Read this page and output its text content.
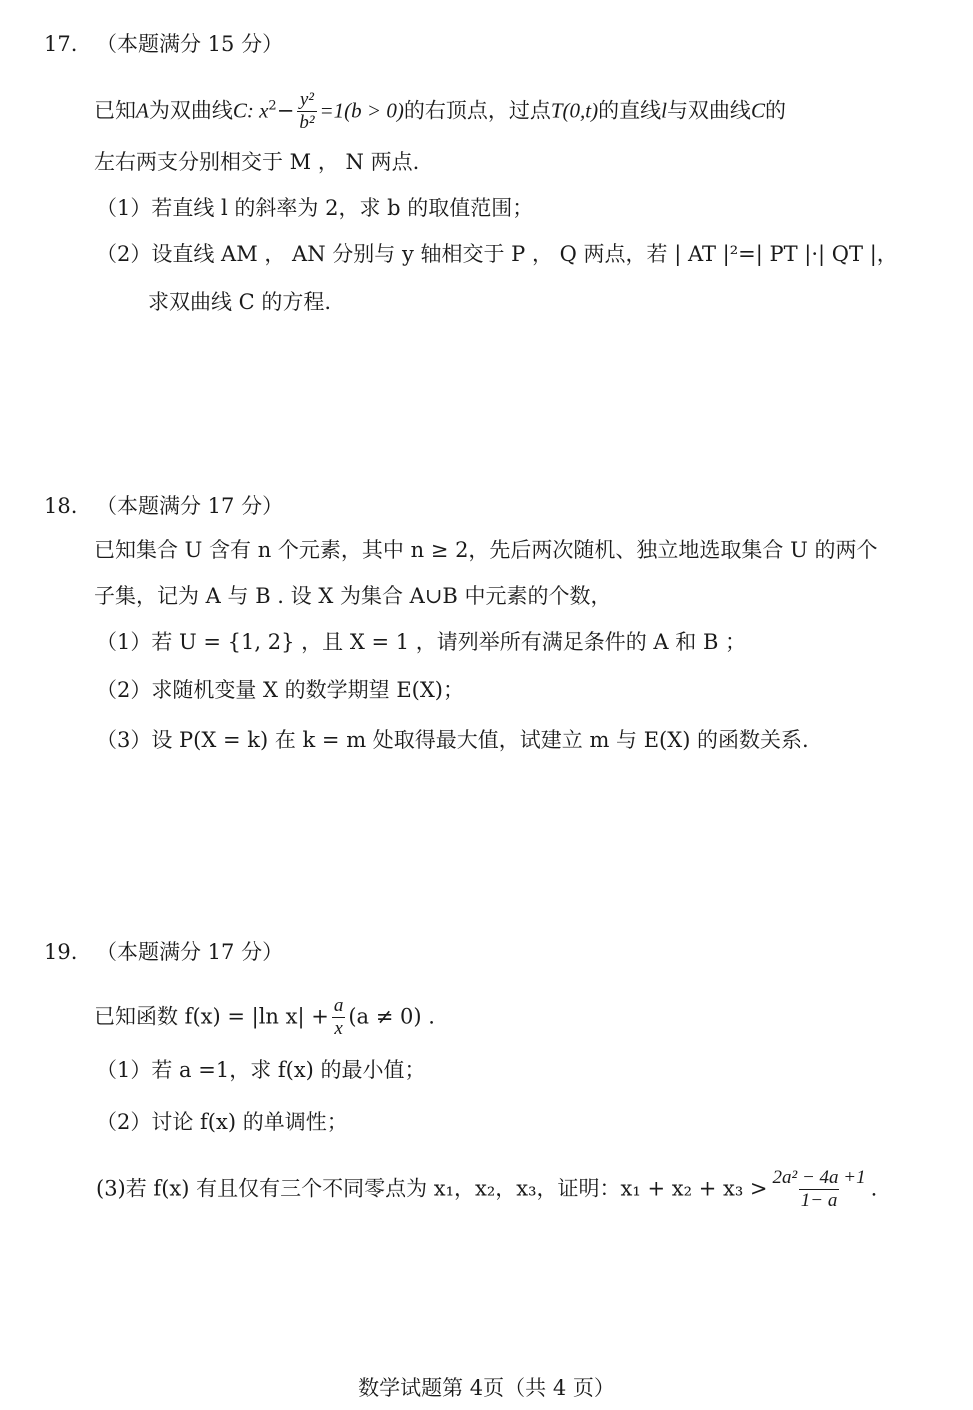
17. （本题满分 15 分）
已知A为双曲线C: $x^2- \frac{\text{y²}}{\text{b²}} =1(b > 0)$的右顶点，过点T(0,t)的直线l与双曲线C的
左右两支分别相交于 M ， N 两点.
（1）若直线 l 的斜率为 2，求 b 的取值范围；
（2）设直线 AM ， AN 分别与 y 轴相交于 P ， Q 两点，若 | AT |²=| PT |·| QT |，
求双曲线 C 的方程.
18. （本题满分 17 分）
已知集合 U 含有 n 个元素，其中 n ≥ 2，先后两次随机、独立地选取集合 U 的两个
子集，记为 A 与 B . 设 X 为集合 A∪B 中元素的个数，
（1）若 U = {1, 2} ，且 X = 1 ，请列举所有满足条件的 A 和 B ；
（2）求随机变量 X 的数学期望 E(X)；
（3）设 P(X = k) 在 k = m 处取得最大值，试建立 m 与 E(X) 的函数关系.
19. （本题满分 17 分）
已知函数 f(x) = |ln $x| + \frac{a}{x} (a \ne 0)$ .
（1）若 a =1，求 f(x) 的最小值；
（2）讨论 f(x) 的单调性；
(3)若 f(x) 有且仅有三个不同零点为 x₁，x₂，x₃，证明：$x_1 + x_2 + x_3 > \frac{\text{2a² − 4a +1}}{1- a}$ .
数学试题第 4页（共 4 页）
